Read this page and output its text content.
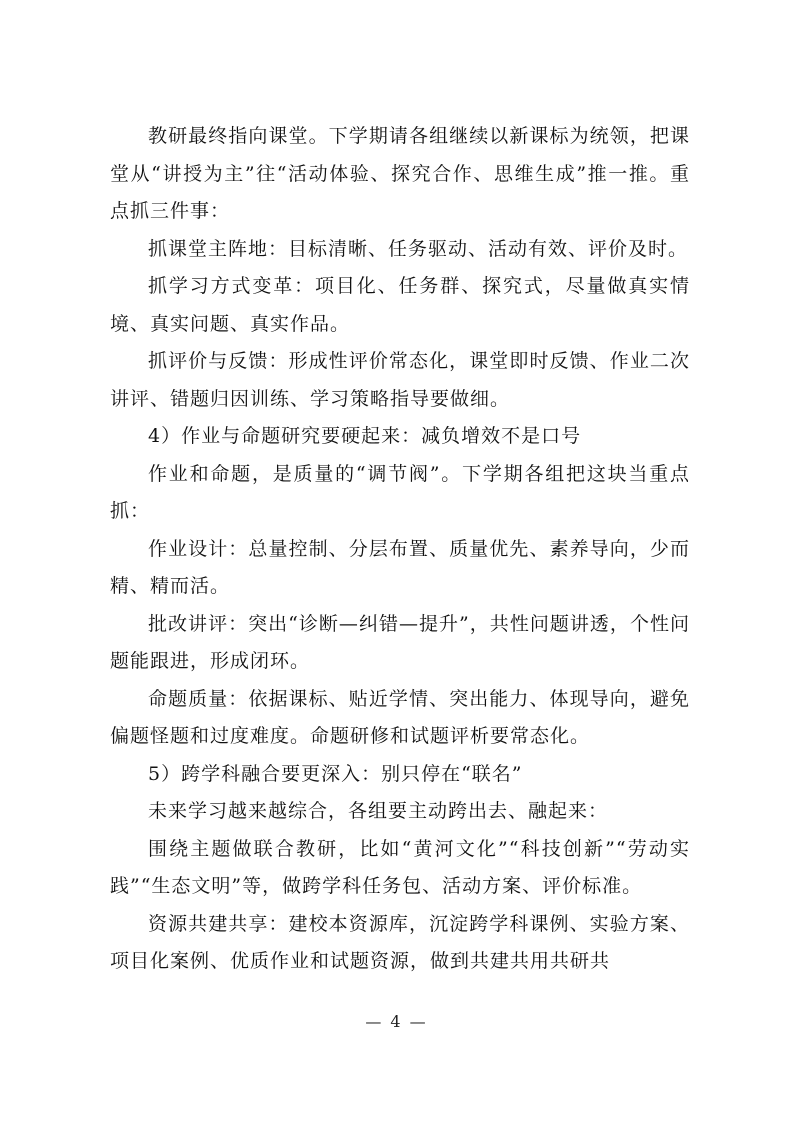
教研最终指向课堂。下学期请各组继续以新课标为统领，把课堂从“讲授为主”往“活动体验、探究合作、思维生成”推一推。重点抓三件事：

抓课堂主阵地：目标清晰、任务驱动、活动有效、评价及时。

抓学习方式变革：项目化、任务群、探究式，尽量做真实情境、真实问题、真实作品。

抓评价与反馈：形成性评价常态化，课堂即时反馈、作业二次讲评、错题归因训练、学习策略指导要做细。

4）作业与命题研究要硬起来：减负增效不是口号

作业和命题，是质量的“调节阀”。下学期各组把这块当重点抓：

作业设计：总量控制、分层布置、质量优先、素养导向，少而精、精而活。

批改讲评：突出“诊断—纠错—提升”，共性问题讲透，个性问题能跟进，形成闭环。

命题质量：依据课标、贴近学情、突出能力、体现导向，避免偏题怪题和过度难度。命题研修和试题评析要常态化。

5）跨学科融合要更深入：别只停在“联名”

未来学习越来越综合，各组要主动跨出去、融起来：

围绕主题做联合教研，比如“黄河文化”“科技创新”“劳动实践”“生态文明”等，做跨学科任务包、活动方案、评价标准。

资源共建共享：建校本资源库，沉淀跨学科课例、实验方案、项目化案例、优质作业和试题资源，做到共建共用共研共

— 4 —
